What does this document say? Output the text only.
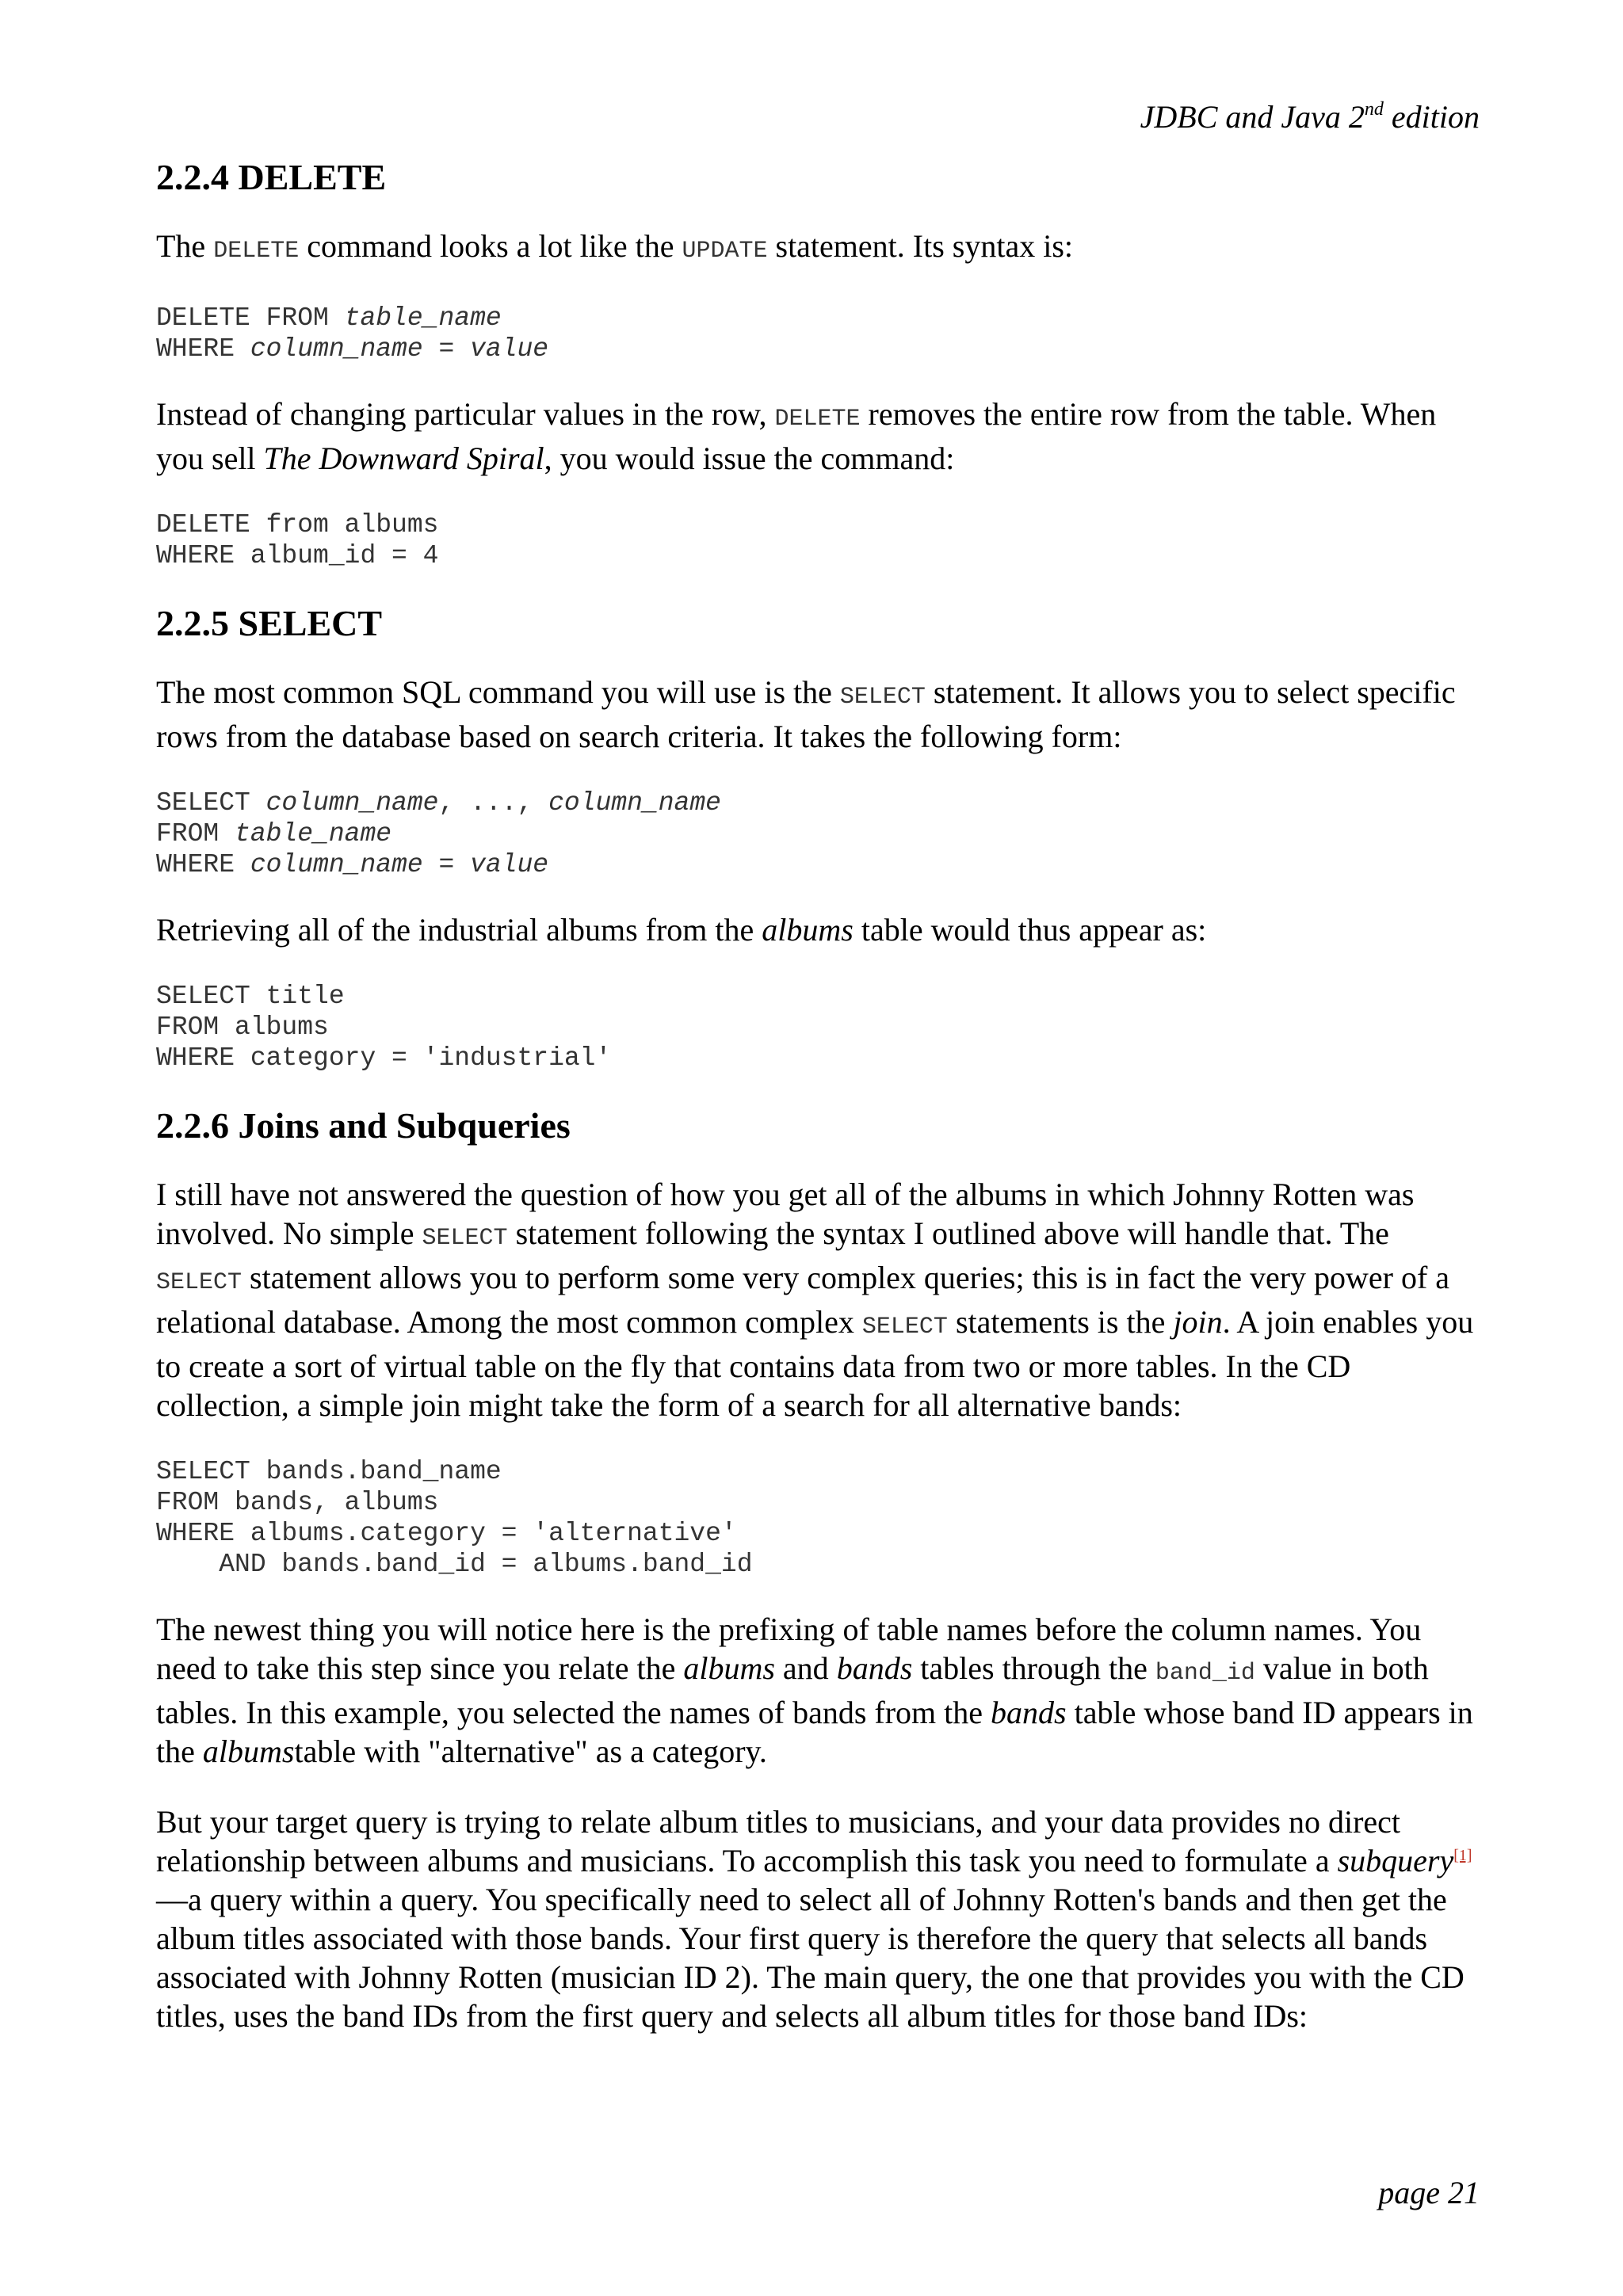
JDBC and Java 2nd edition
2.2.4 DELETE

The DELETE command looks a lot like the UPDATE statement. Its syntax is:

DELETE FROM table_name
WHERE column_name = value

Instead of changing particular values in the row, DELETE removes the entire row from the table. When you sell The Downward Spiral, you would issue the command:

DELETE from albums
WHERE album_id = 4
2.2.5 SELECT

The most common SQL command you will use is the SELECT statement. It allows you to select specific rows from the database based on search criteria. It takes the following form:

SELECT column_name, ..., column_name
FROM table_name
WHERE column_name = value

Retrieving all of the industrial albums from the albums table would thus appear as:

SELECT title
FROM albums
WHERE category = 'industrial'
2.2.6 Joins and Subqueries

I still have not answered the question of how you get all of the albums in which Johnny Rotten was involved. No simple SELECT statement following the syntax I outlined above will handle that. The SELECT statement allows you to perform some very complex queries; this is in fact the very power of a relational database. Among the most common complex SELECT statements is the join. A join enables you to create a sort of virtual table on the fly that contains data from two or more tables. In the CD collection, a simple join might take the form of a search for all alternative bands:

SELECT bands.band_name
FROM bands, albums
WHERE albums.category = 'alternative'
AND bands.band_id = albums.band_id

The newest thing you will notice here is the prefixing of table names before the column names. You need to take this step since you relate the albums and bands tables through the band_id value in both tables. In this example, you selected the names of bands from the bands table whose band ID appears in the albumstable with "alternative" as a category.

But your target query is trying to relate album titles to musicians, and your data provides no direct relationship between albums and musicians. To accomplish this task you need to formulate a subquery[1]—a query within a query. You specifically need to select all of Johnny Rotten's bands and then get the album titles associated with those bands. Your first query is therefore the query that selects all bands associated with Johnny Rotten (musician ID 2). The main query, the one that provides you with the CD titles, uses the band IDs from the first query and selects all album titles for those band IDs:

page 21
